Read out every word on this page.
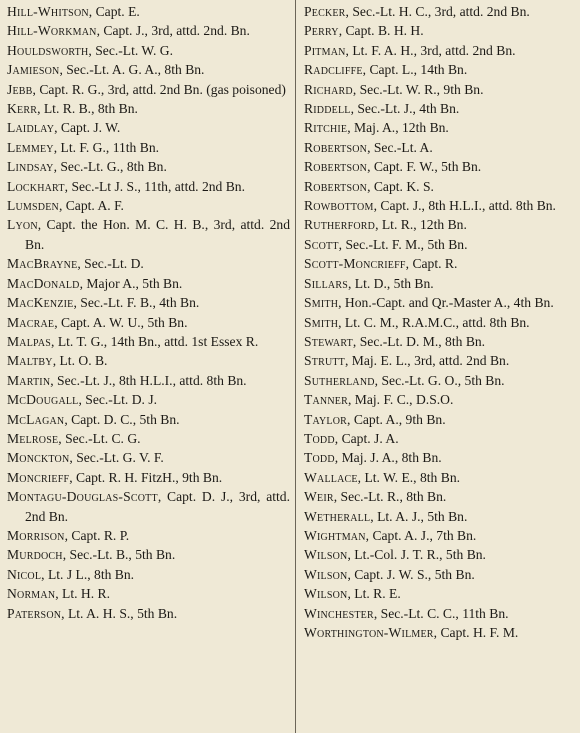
Hill-Whitson, Capt. E.
Hill-Workman, Capt. J., 3rd, attd. 2nd. Bn.
Houldsworth, Sec.-Lt. W. G.
Jamieson, Sec.-Lt. A. G. A., 8th Bn.
Jebb, Capt. R. G., 3rd, attd. 2nd Bn. (gas poisoned)
Kerr, Lt. R. B., 8th Bn.
Laidlay, Capt. J. W.
Lemmey, Lt. F. G., 11th Bn.
Lindsay, Sec.-Lt. G., 8th Bn.
Lockhart, Sec.-Lt J. S., 11th, attd. 2nd Bn.
Lumsden, Capt. A. F.
Lyon, Capt. the Hon. M. C. H. B., 3rd, attd. 2nd Bn.
MacBrayne, Sec.-Lt. D.
MacDonald, Major A., 5th Bn.
MacKenzie, Sec.-Lt. F. B., 4th Bn.
Macrae, Capt. A. W. U., 5th Bn.
Malpas, Lt. T. G., 14th Bn., attd. 1st Essex R.
Maltby, Lt. O. B.
Martin, Sec.-Lt. J., 8th H.L.I., attd. 8th Bn.
McDougall, Sec.-Lt. D. J.
McLagan, Capt. D. C., 5th Bn.
Melrose, Sec.-Lt. C. G.
Monckton, Sec.-Lt. G. V. F.
Moncrieff, Capt. R. H. FitzH., 9th Bn.
Montagu-Douglas-Scott, Capt. D. J., 3rd, attd. 2nd Bn.
Morrison, Capt. R. P.
Murdoch, Sec.-Lt. B., 5th Bn.
Nicol, Lt. J L., 8th Bn.
Norman, Lt. H. R.
Paterson, Lt. A. H. S., 5th Bn.
Pecker, Sec.-Lt. H. C., 3rd, attd. 2nd Bn.
Perry, Capt. B. H. H.
Pitman, Lt. F. A. H., 3rd, attd. 2nd Bn.
Radcliffe, Capt. L., 14th Bn.
Richard, Sec.-Lt. W. R., 9th Bn.
Riddell, Sec.-Lt. J., 4th Bn.
Ritchie, Maj. A., 12th Bn.
Robertson, Sec.-Lt. A.
Robertson, Capt. F. W., 5th Bn.
Robertson, Capt. K. S.
Rowbottom, Capt. J., 8th H.L.I., attd. 8th Bn.
Rutherford, Lt. R., 12th Bn.
Scott, Sec.-Lt. F. M., 5th Bn.
Scott-Moncrieff, Capt. R.
Sillars, Lt. D., 5th Bn.
Smith, Hon.-Capt. and Qr.-Master A., 4th Bn.
Smith, Lt. C. M., R.A.M.C., attd. 8th Bn.
Stewart, Sec.-Lt. D. M., 8th Bn.
Strutt, Maj. E. L., 3rd, attd. 2nd Bn.
Sutherland, Sec.-Lt. G. O., 5th Bn.
Tanner, Maj. F. C., D.S.O.
Taylor, Capt. A., 9th Bn.
Todd, Capt. J. A.
Todd, Maj. J. A., 8th Bn.
Wallace, Lt. W. E., 8th Bn.
Weir, Sec.-Lt. R., 8th Bn.
Wetherall, Lt. A. J., 5th Bn.
Wightman, Capt. A. J., 7th Bn.
Wilson, Lt.-Col. J. T. R., 5th Bn.
Wilson, Capt. J. W. S., 5th Bn.
Wilson, Lt. R. E.
Winchester, Sec.-Lt. C. C., 11th Bn.
Worthington-Wilmer, Capt. H. F. M.
